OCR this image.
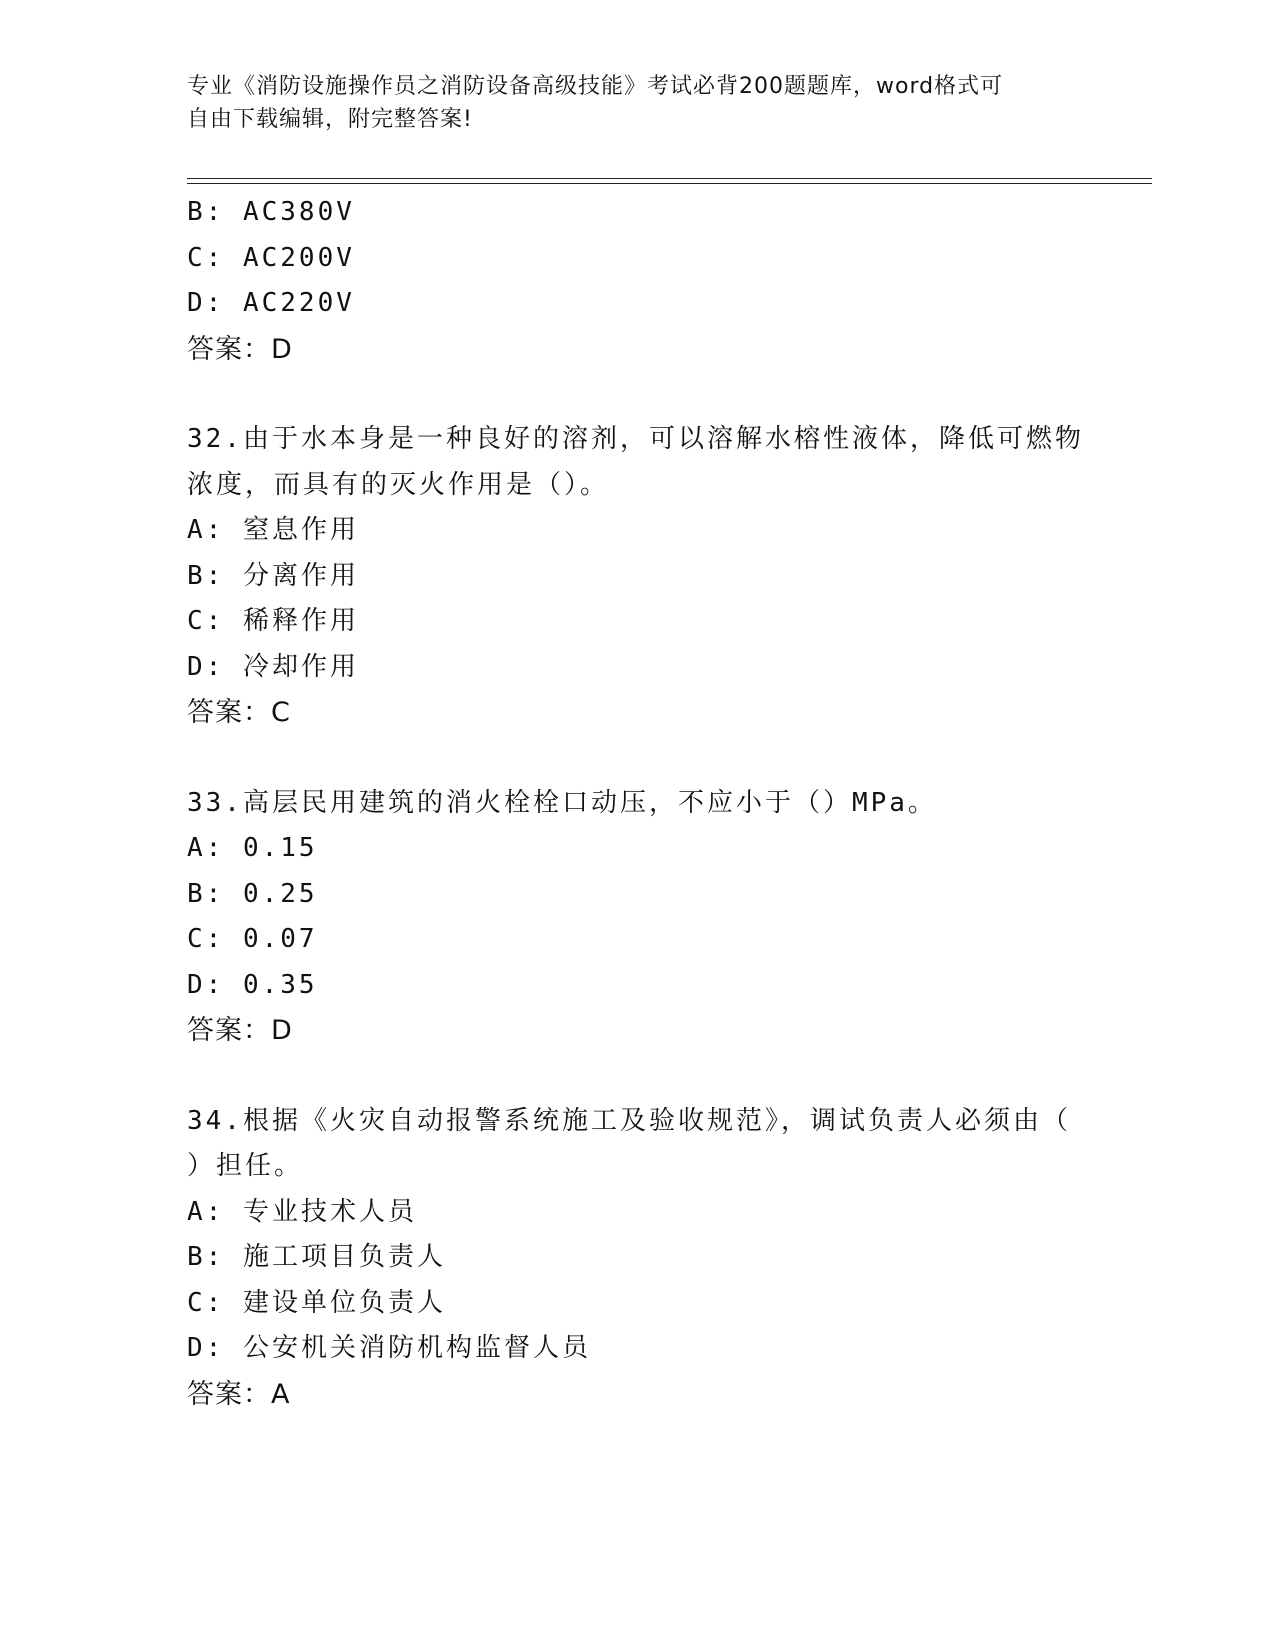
专业《消防设施操作员之消防设备高级技能》考试必背200题题库，word格式可
自由下载编辑，附完整答案!
B: AC380V
C: AC200V
D: AC220V
答案：D
32.由于水本身是一种良好的溶剂，可以溶解水榕性液体，降低可燃物
浓度，而具有的灭火作用是（）。
A: 窒息作用
B: 分离作用
C: 稀释作用
D: 冷却作用
答案：C
33.高层民用建筑的消火栓栓口动压，不应小于（）MPa。
A: 0.15
B: 0.25
C: 0.07
D: 0.35
答案：D
34.根据《火灾自动报警系统施工及验收规范》，调试负责人必须由（
）担任。
A: 专业技术人员
B: 施工项目负责人
C: 建设单位负责人
D: 公安机关消防机构监督人员
答案：A
